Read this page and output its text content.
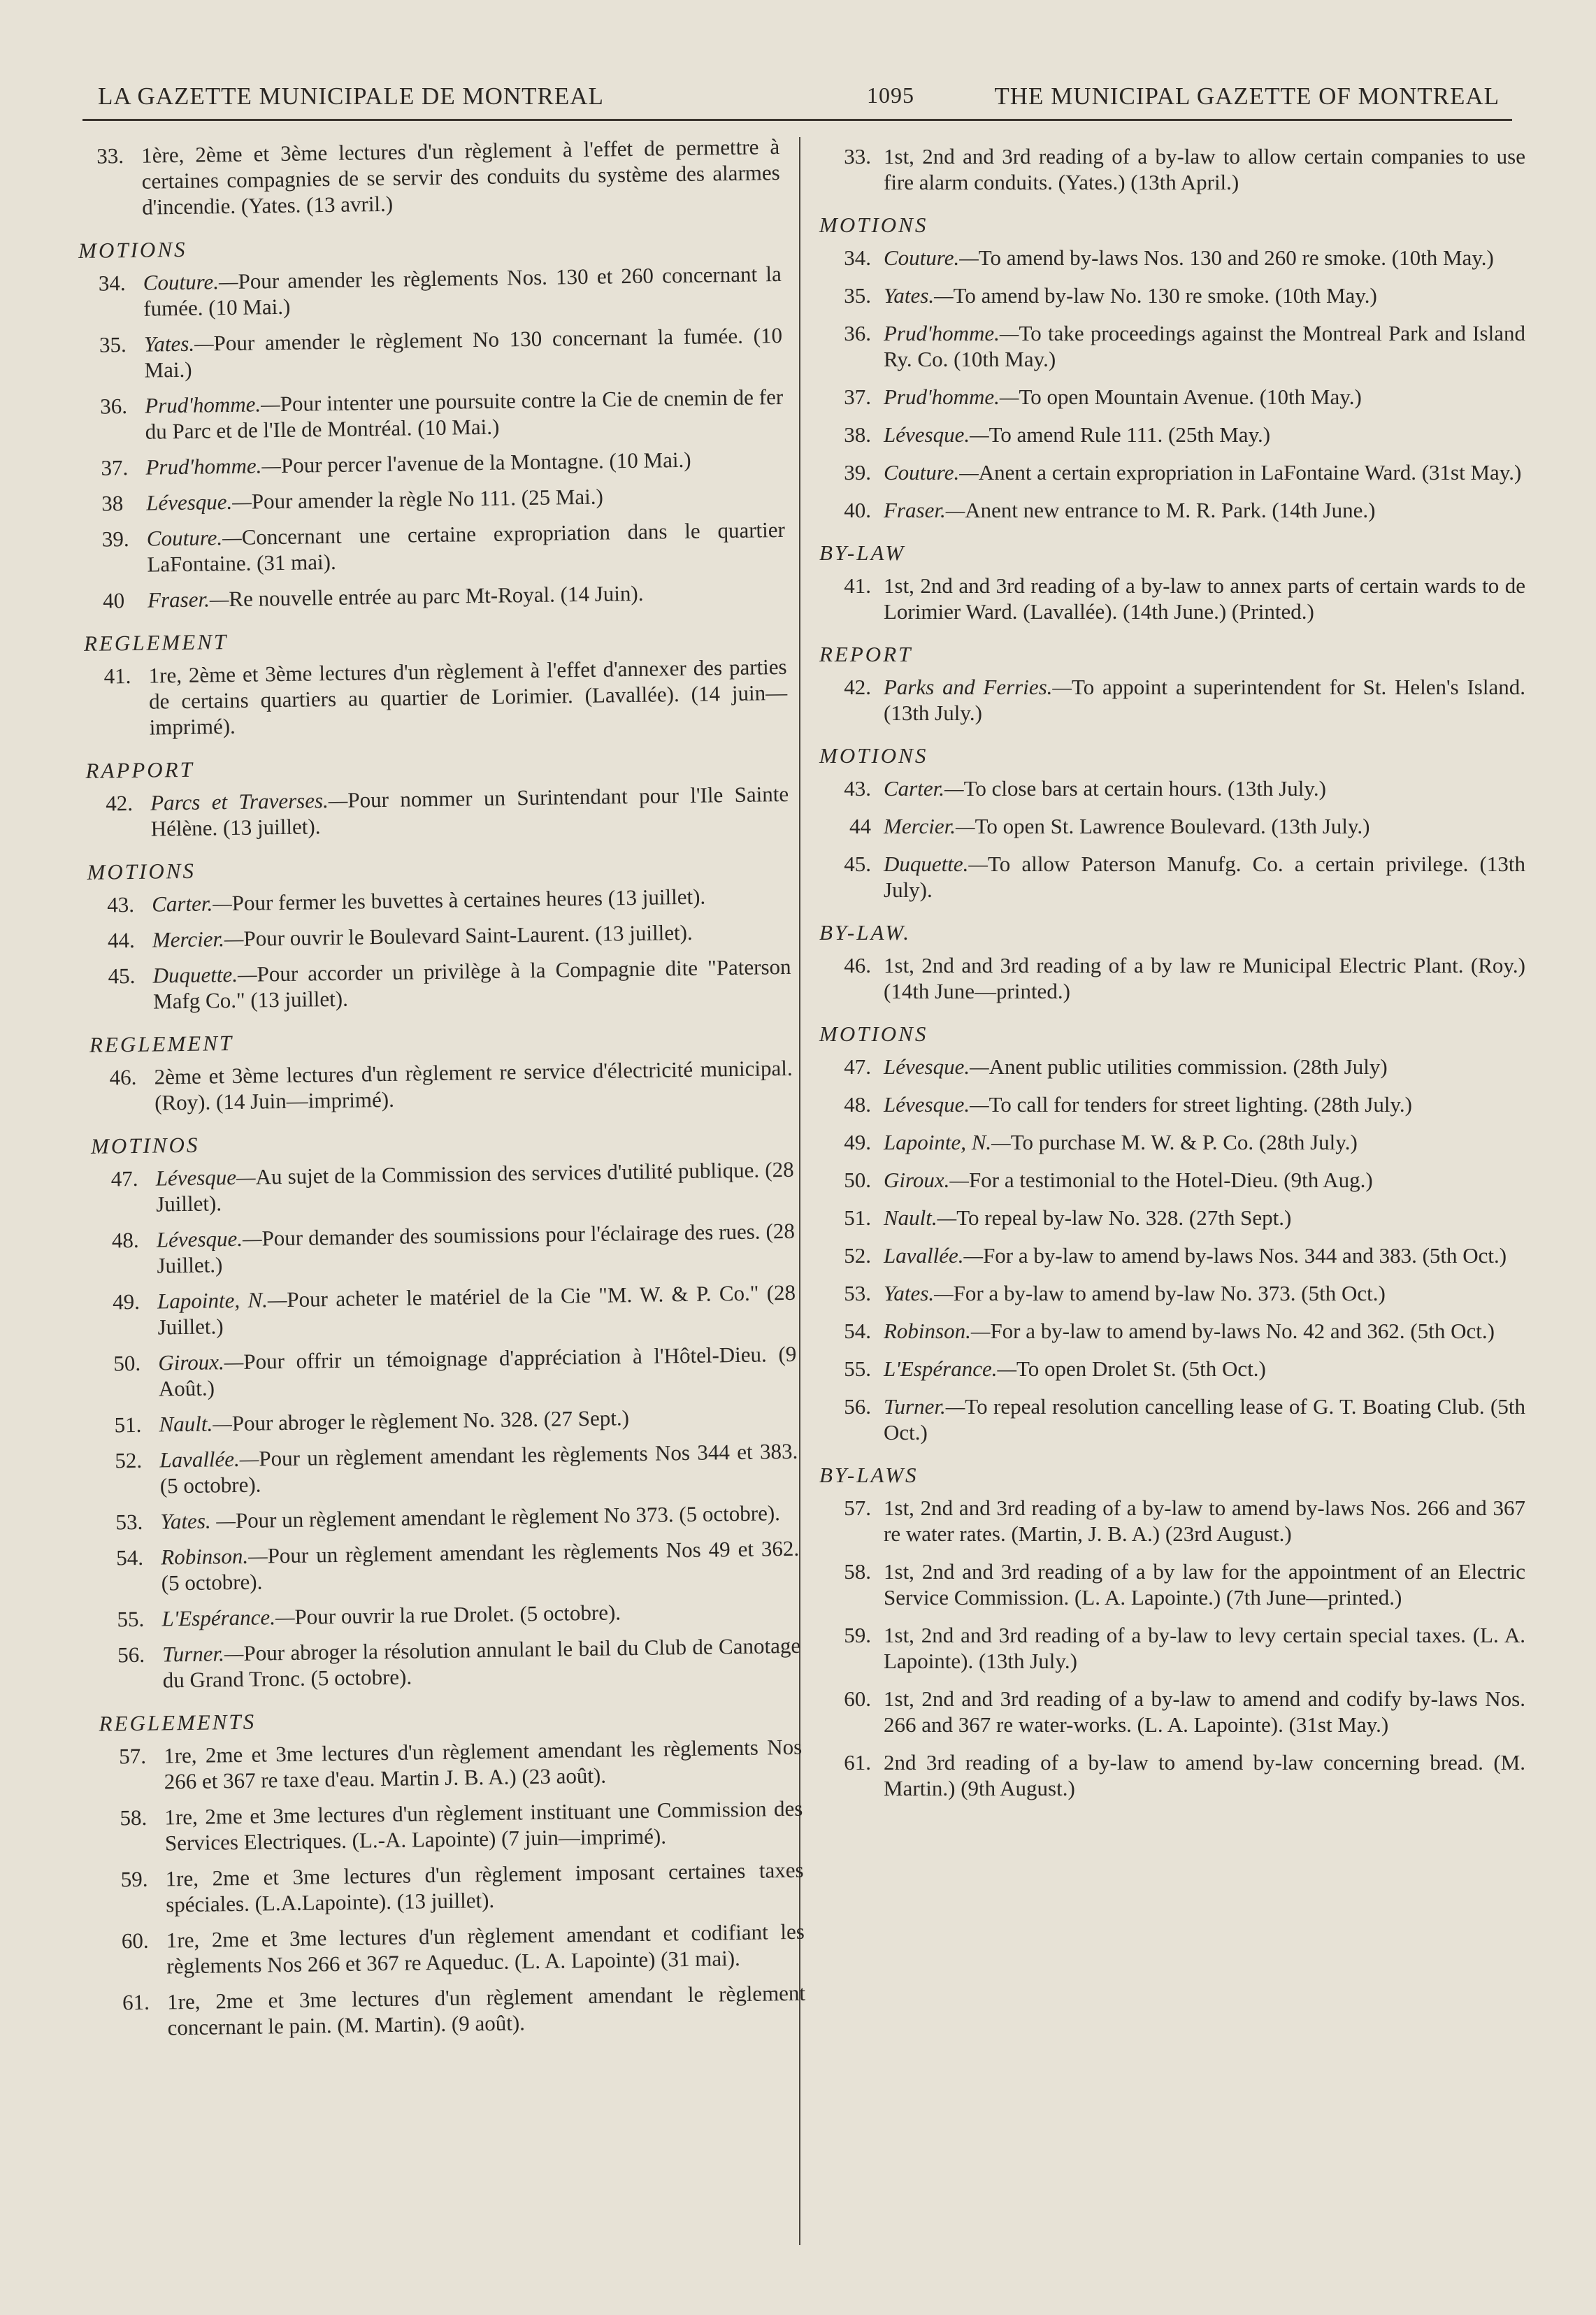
LA GAZETTE MUNICIPALE DE MONTREAL	1095	THE MUNICIPAL GAZETTE OF MONTREAL
33. 1ère, 2ème et 3ème lectures d'un règlement à l'effet de permettre à certaines compagnies de se servir des conduits du système des alarmes d'incendie. (Yates. (13 avril.)
MOTIONS
34. Couture.—Pour amender les règlements Nos. 130 et 260 concernant la fumée. (10 Mai.)
35. Yates.—Pour amender le règlement No 130 concernant la fumée. (10 Mai.)
36. Prud'homme.—Pour intenter une poursuite contre la Cie de cnemin de fer du Parc et de l'Ile de Montréal. (10 Mai.)
37. Prud'homme.—Pour percer l'avenue de la Montagne. (10 Mai.)
38	Lévesque.—Pour amender la règle No 111. (25 Mai.)
39. Couture.—Concernant une certaine expropriation dans le quartier LaFontaine. (31 mai).
40	Fraser.—Re nouvelle entrée au parc Mt-Royal. (14 Juin).
REGLEMENT
41. 1re, 2ème et 3ème lectures d'un règlement à l'effet d'annexer des parties de certains quartiers au quartier de Lorimier. (Lavallée). (14 juin—imprimé).
RAPPORT
42. Parcs et Traverses.—Pour nommer un Surintendant pour l'Ile Sainte Hélène. (13 juillet).
MOTIONS
43. Carter.—Pour fermer les buvettes à certaines heures (13 juillet).
44. Mercier.—Pour ouvrir le Boulevard Saint-Laurent. (13 juillet).
45. Duquette.—Pour accorder un privilège à la Compagnie dite "Paterson Mafg Co." (13 juillet).
REGLEMENT
46. 2ème et 3ème lectures d'un règlement re service d'électricité municipal. (Roy). (14 Juin—imprimé).
MOTINOS
47. Lévesque—Au sujet de la Commission des services d'utilité publique. (28 Juillet).
48. Lévesque.—Pour demander des soumissions pour l'éclairage des rues. (28 Juillet.)
49. Lapointe, N.—Pour acheter le matériel de la Cie "M. W. & P. Co." (28 Juillet.)
50. Giroux.—Pour offrir un témoignage d'appréciation à l'Hôtel-Dieu. (9 Août.)
51. Nault.—Pour abroger le règlement No. 328. (27 Sept.)
52. Lavallée.—Pour un règlement amendant les règlements Nos 344 et 383. (5 octobre).
53. Yates. —Pour un règlement amendant le règlement No 373. (5 octobre).
54. Robinson.—Pour un règlement amendant les règlements Nos 49 et 362. (5 octobre).
55. L'Espérance.—Pour ouvrir la rue Drolet. (5 octobre).
56. Turner.—Pour abroger la résolution annulant le bail du Club de Canotage du Grand Tronc. (5 octobre).
REGLEMENTS
57. 1re, 2me et 3me lectures d'un règlement amendant les règlements Nos 266 et 367 re taxe d'eau. Martin J. B. A.) (23 août).
58. 1re, 2me et 3me lectures d'un règlement instituant une Commission des Services Electriques. (L.-A. Lapointe) (7 juin—imprimé).
59. 1re, 2me et 3me lectures d'un règlement imposant certaines taxes spéciales. (L.A.Lapointe). (13 juillet).
60. 1re, 2me et 3me lectures d'un règlement amendant et codifiant les règlements Nos 266 et 367 re Aqueduc. (L. A. Lapointe) (31 mai).
61. 1re, 2me et 3me lectures d'un règlement amendant le règlement concernant le pain. (M. Martin). (9 août).
33. 1st, 2nd and 3rd reading of a by-law to allow certain companies to use fire alarm conduits. (Yates.) (13th April.)
MOTIONS
34. Couture.—To amend by-laws Nos. 130 and 260 re smoke. (10th May.)
35. Yates.—To amend by-law No. 130 re smoke. (10th May.)
36. Prud'homme.—To take proceedings against the Montreal Park and Island Ry. Co. (10th May.)
37. Prud'homme.—To open Mountain Avenue. (10th May.)
38. Lévesque.—To amend Rule 111. (25th May.)
39. Couture.—Anent a certain expropriation in LaFontaine Ward. (31st May.)
40. Fraser.—Anent new entrance to M. R. Park. (14th June.)
BY-LAW
41. 1st, 2nd and 3rd reading of a by-law to annex parts of certain wards to de Lorimier Ward. (Lavallée). (14th June.) (Printed.)
REPORT
42. Parks and Ferries.—To appoint a superintendent for St. Helen's Island. (13th July.)
MOTIONS
43. Carter.—To close bars at certain hours. (13th July.)
44 Mercier.—To open St. Lawrence Boulevard. (13th July.)
45. Duquette.—To allow Paterson Manufg. Co. a certain privilege. (13th July).
BY-LAW.
46. 1st, 2nd and 3rd reading of a by law re Municipal Electric Plant. (Roy.) (14th June—printed.)
MOTIONS
47. Lévesque.—Anent public utilities commission. (28th July)
48. Lévesque.—To call for tenders for street lighting. (28th July.)
49. Lapointe, N.—To purchase M. W. & P. Co. (28th July.)
50. Giroux.—For a testimonial to the Hotel-Dieu. (9th Aug.)
51. Nault.—To repeal by-law No. 328. (27th Sept.)
52. Lavallée.—For a by-law to amend by-laws Nos. 344 and 383. (5th Oct.)
53. Yates.—For a by-law to amend by-law No. 373. (5th Oct.)
54. Robinson.—For a by-law to amend by-laws No. 42 and 362. (5th Oct.)
55. L'Espérance.—To open Drolet St. (5th Oct.)
56. Turner.—To repeal resolution cancelling lease of G. T. Boating Club. (5th Oct.)
BY-LAWS
57. 1st, 2nd and 3rd reading of a by-law to amend by-laws Nos. 266 and 367 re water rates. (Martin, J. B. A.) (23rd August.)
58. 1st, 2nd and 3rd reading of a by law for the appointment of an Electric Service Commission. (L. A. Lapointe.) (7th June—printed.)
59. 1st, 2nd and 3rd reading of a by-law to levy certain special taxes. (L. A. Lapointe). (13th July.)
60. 1st, 2nd and 3rd reading of a by-law to amend and codify by-laws Nos. 266 and 367 re water-works. (L. A. Lapointe). (31st May.)
61. 2nd 3rd reading of a by-law to amend by-law concerning bread. (M. Martin.) (9th August.)
